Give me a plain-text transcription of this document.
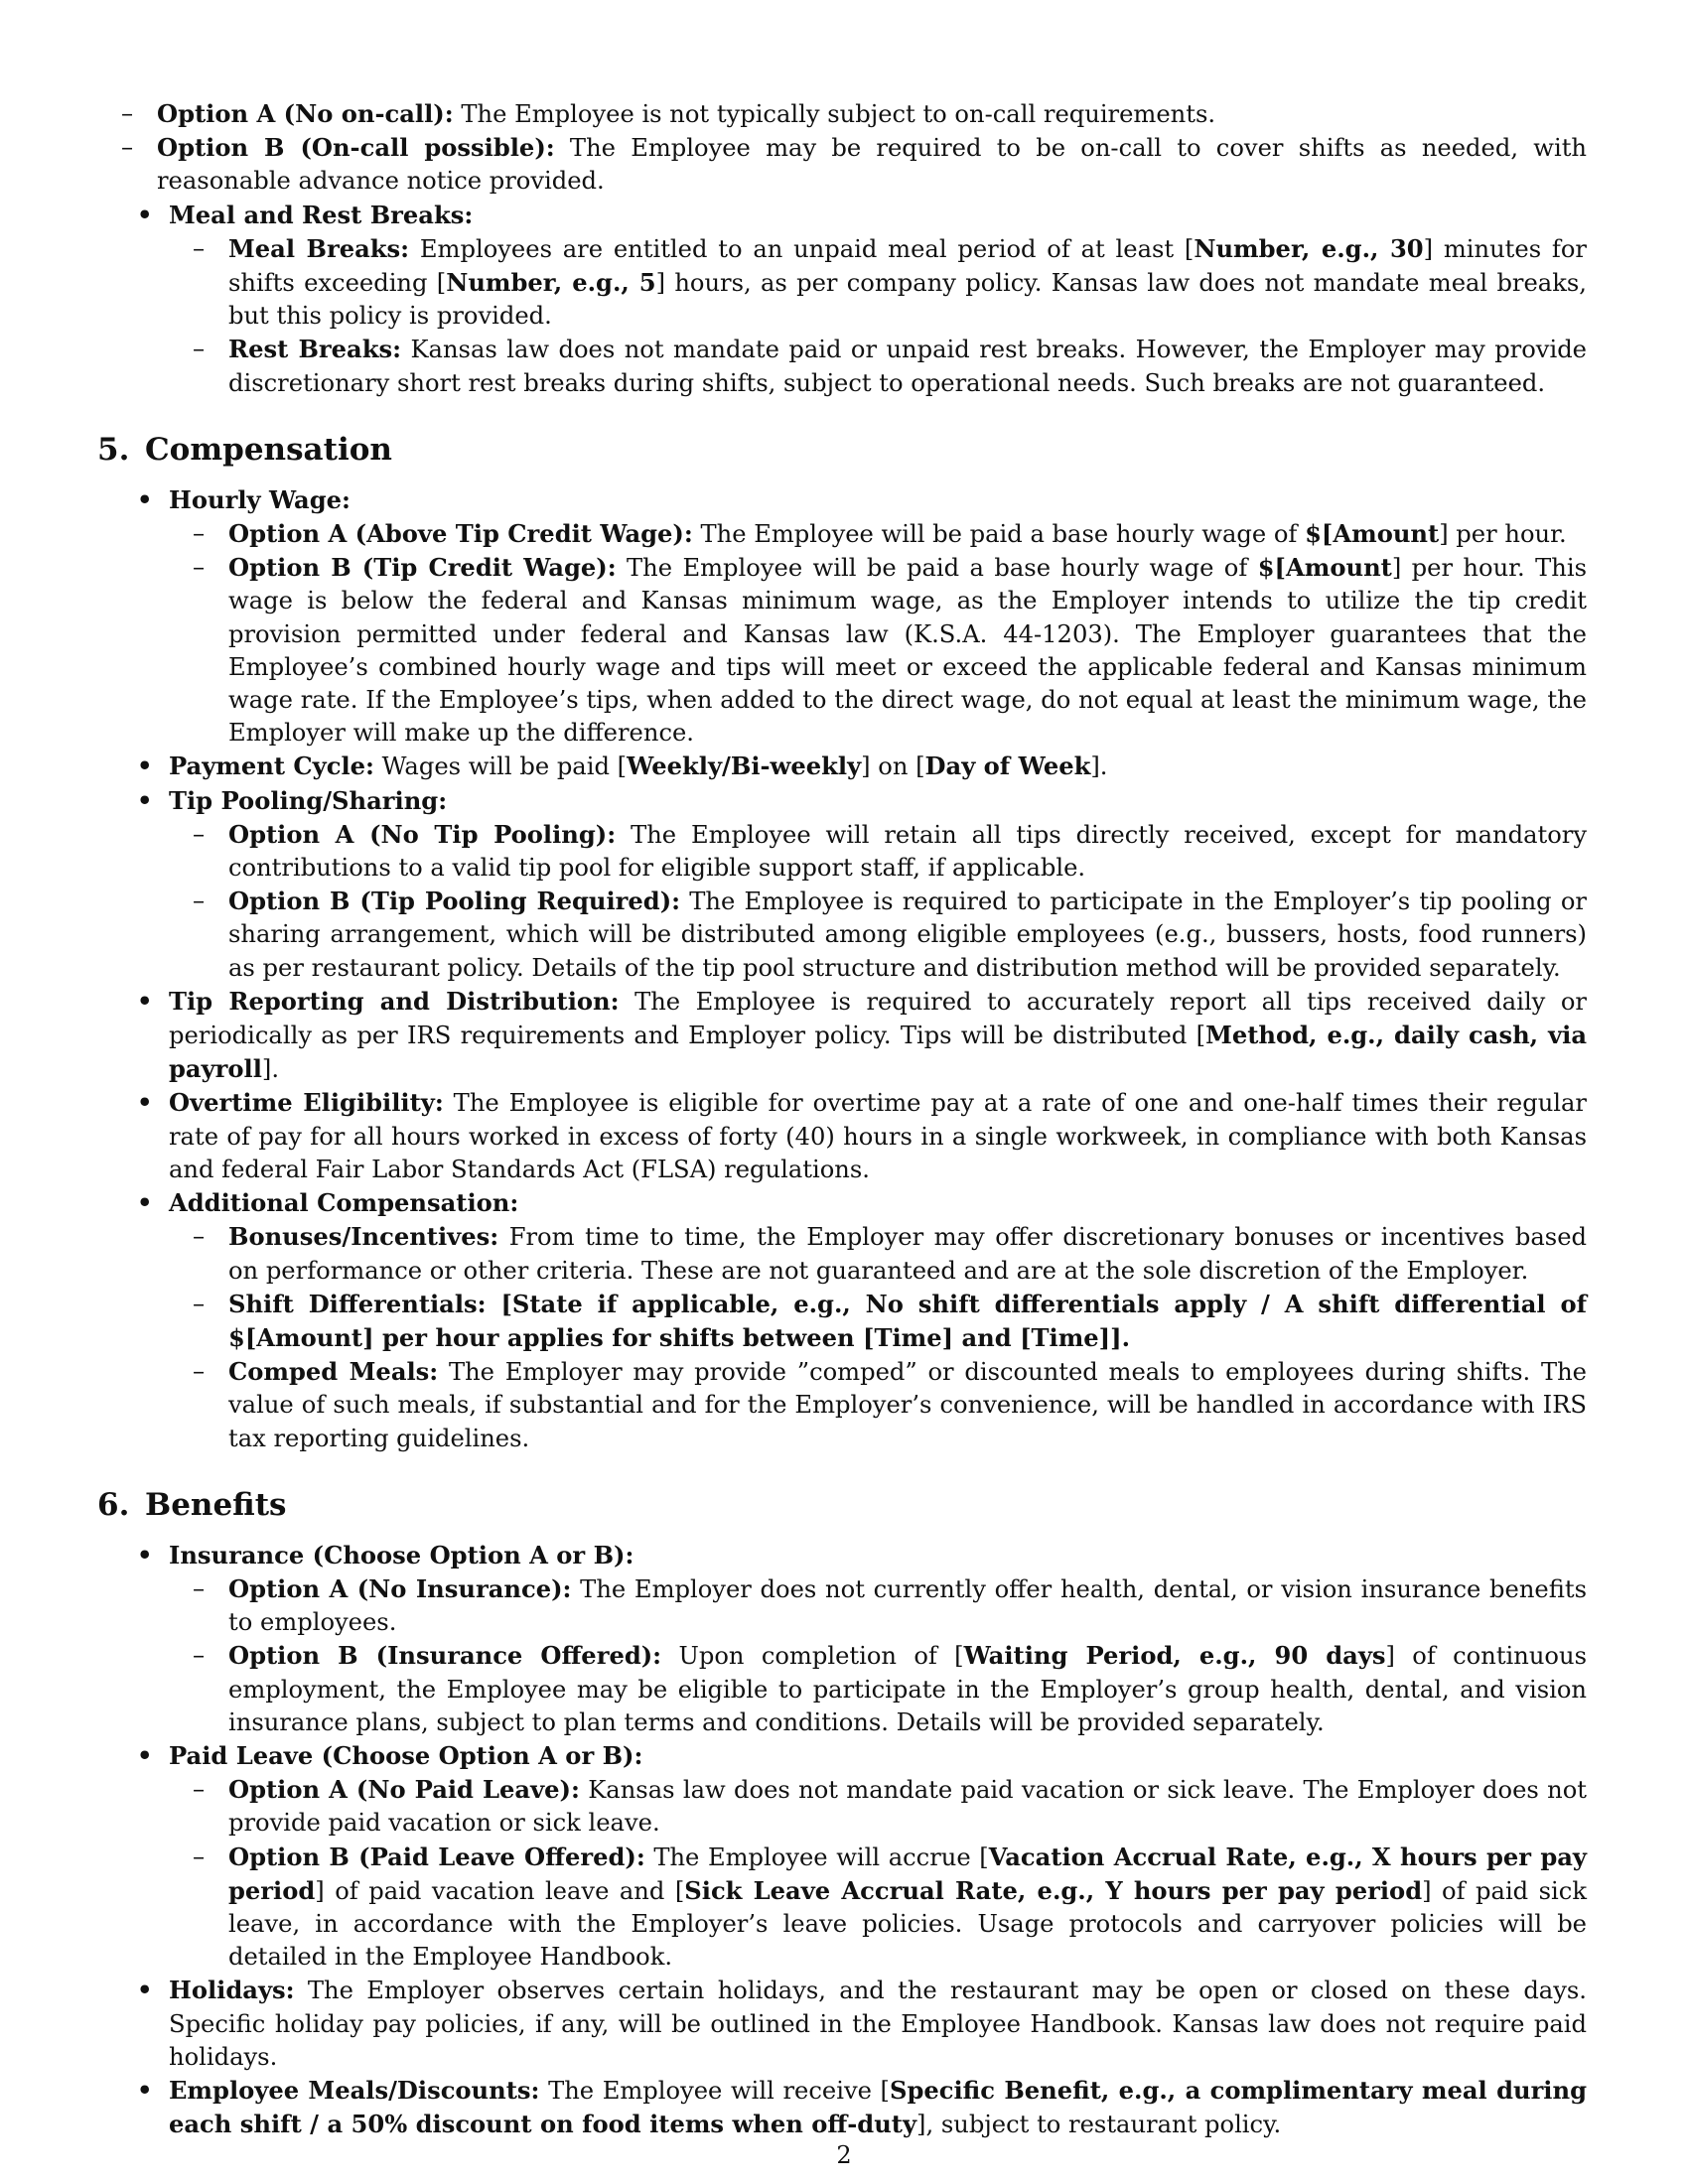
– Option A (No on-call): The Employee is not typically subject to on-call requirements.
– Option B (On-call possible): The Employee may be required to be on-call to cover shifts as needed, with reasonable advance notice provided.
• Meal and Rest Breaks:
– Meal Breaks: Employees are entitled to an unpaid meal period of at least [Number, e.g., 30] minutes for shifts exceeding [Number, e.g., 5] hours, as per company policy. Kansas law does not mandate meal breaks, but this policy is provided.
– Rest Breaks: Kansas law does not mandate paid or unpaid rest breaks. However, the Employer may provide discretionary short rest breaks during shifts, subject to operational needs. Such breaks are not guaranteed.
5. Compensation
• Hourly Wage:
– Option A (Above Tip Credit Wage): The Employee will be paid a base hourly wage of $[Amount] per hour.
– Option B (Tip Credit Wage): The Employee will be paid a base hourly wage of $[Amount] per hour. This wage is below the federal and Kansas minimum wage, as the Employer intends to utilize the tip credit provision permitted under federal and Kansas law (K.S.A. 44-1203). The Employer guarantees that the Employee’s combined hourly wage and tips will meet or exceed the applicable federal and Kansas minimum wage rate. If the Employee’s tips, when added to the direct wage, do not equal at least the minimum wage, the Employer will make up the difference.
• Payment Cycle: Wages will be paid [Weekly/Bi-weekly] on [Day of Week].
• Tip Pooling/Sharing:
– Option A (No Tip Pooling): The Employee will retain all tips directly received, except for mandatory contributions to a valid tip pool for eligible support staff, if applicable.
– Option B (Tip Pooling Required): The Employee is required to participate in the Employer’s tip pooling or sharing arrangement, which will be distributed among eligible employees (e.g., bussers, hosts, food runners) as per restaurant policy. Details of the tip pool structure and distribution method will be provided separately.
• Tip Reporting and Distribution: The Employee is required to accurately report all tips received daily or periodically as per IRS requirements and Employer policy. Tips will be distributed [Method, e.g., daily cash, via payroll].
• Overtime Eligibility: The Employee is eligible for overtime pay at a rate of one and one-half times their regular rate of pay for all hours worked in excess of forty (40) hours in a single workweek, in compliance with both Kansas and federal Fair Labor Standards Act (FLSA) regulations.
• Additional Compensation:
– Bonuses/Incentives: From time to time, the Employer may offer discretionary bonuses or incentives based on performance or other criteria. These are not guaranteed and are at the sole discretion of the Employer.
– Shift Differentials: [State if applicable, e.g., No shift differentials apply / A shift differential of $[Amount] per hour applies for shifts between [Time] and [Time]].
– Comped Meals: The Employer may provide ”comped” or discounted meals to employees during shifts. The value of such meals, if substantial and for the Employer’s convenience, will be handled in accordance with IRS tax reporting guidelines.
6. Benefits
• Insurance (Choose Option A or B):
– Option A (No Insurance): The Employer does not currently offer health, dental, or vision insurance benefits to employees.
– Option B (Insurance Offered): Upon completion of [Waiting Period, e.g., 90 days] of continuous employment, the Employee may be eligible to participate in the Employer’s group health, dental, and vision insurance plans, subject to plan terms and conditions. Details will be provided separately.
• Paid Leave (Choose Option A or B):
– Option A (No Paid Leave): Kansas law does not mandate paid vacation or sick leave. The Employer does not provide paid vacation or sick leave.
– Option B (Paid Leave Offered): The Employee will accrue [Vacation Accrual Rate, e.g., X hours per pay period] of paid vacation leave and [Sick Leave Accrual Rate, e.g., Y hours per pay period] of paid sick leave, in accordance with the Employer’s leave policies. Usage protocols and carryover policies will be detailed in the Employee Handbook.
• Holidays: The Employer observes certain holidays, and the restaurant may be open or closed on these days. Specific holiday pay policies, if any, will be outlined in the Employee Handbook. Kansas law does not require paid holidays.
• Employee Meals/Discounts: The Employee will receive [Specific Benefit, e.g., a complimentary meal during each shift / a 50% discount on food items when off-duty], subject to restaurant policy.
2
